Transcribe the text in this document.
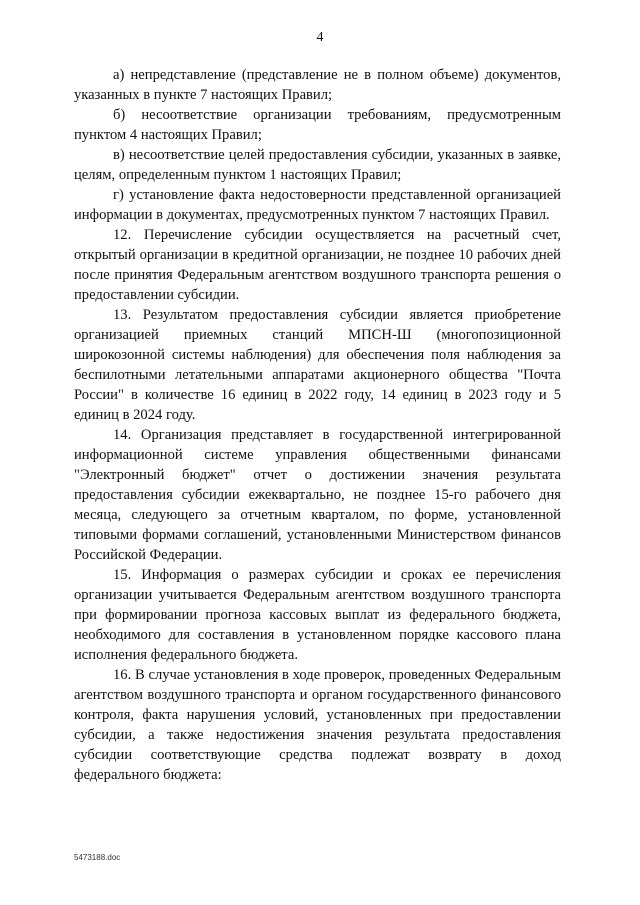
4

а) непредставление (представление не в полном объеме) документов, указанных в пункте 7 настоящих Правил;

б) несоответствие организации требованиям, предусмотренным пунктом 4 настоящих Правил;

в) несоответствие целей предоставления субсидии, указанных в заявке, целям, определенным пунктом 1 настоящих Правил;

г) установление факта недостоверности представленной организацией информации в документах, предусмотренных пунктом 7 настоящих Правил.

12. Перечисление субсидии осуществляется на расчетный счет, открытый организации в кредитной организации, не позднее 10 рабочих дней после принятия Федеральным агентством воздушного транспорта решения о предоставлении субсидии.

13. Результатом предоставления субсидии является приобретение организацией приемных станций МПСН-Ш (многопозиционной широкозонной системы наблюдения) для обеспечения поля наблюдения за беспилотными летательными аппаратами акционерного общества "Почта России" в количестве 16 единиц в 2022 году, 14 единиц в 2023 году и 5 единиц в 2024 году.

14. Организация представляет в государственной интегрированной информационной системе управления общественными финансами "Электронный бюджет" отчет о достижении значения результата предоставления субсидии ежеквартально, не позднее 15-го рабочего дня месяца, следующего за отчетным кварталом, по форме, установленной типовыми формами соглашений, установленными Министерством финансов Российской Федерации.

15. Информация о размерах субсидии и сроках ее перечисления организации учитывается Федеральным агентством воздушного транспорта при формировании прогноза кассовых выплат из федерального бюджета, необходимого для составления в установленном порядке кассового плана исполнения федерального бюджета.

16. В случае установления в ходе проверок, проведенных Федеральным агентством воздушного транспорта и органом государственного финансового контроля, факта нарушения условий, установленных при предоставлении субсидии, а также недостижения значения результата предоставления субсидии соответствующие средства подлежат возврату в доход федерального бюджета:

5473188.doc
